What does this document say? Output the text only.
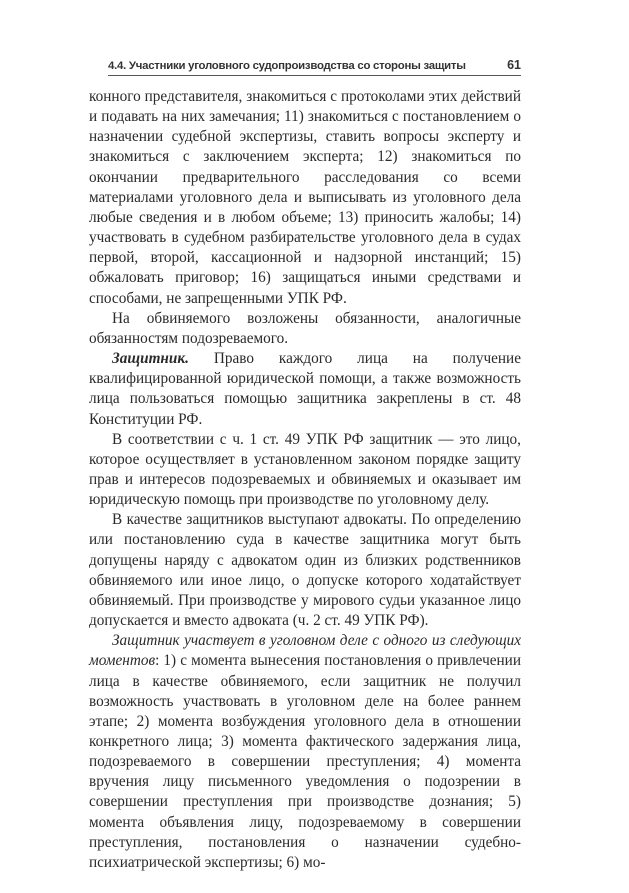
4.4. Участники уголовного судопроизводства со стороны защиты	61

конного представителя, знакомиться с протоколами этих действий и подавать на них замечания; 11) знакомиться с постановлением о назначении судебной экспертизы, ставить вопросы эксперту и знакомиться с заключением эксперта; 12) знакомиться по окончании предварительного расследования со всеми материалами уголовного дела и выписывать из уголовного дела любые сведения и в любом объеме; 13) приносить жалобы; 14) участвовать в судебном разбирательстве уголовного дела в судах первой, второй, кассационной и надзорной инстанций; 15) обжаловать приговор; 16) защищаться иными средствами и способами, не запрещенными УПК РФ.

На обвиняемого возложены обязанности, аналогичные обязанностям подозреваемого.

Защитник. Право каждого лица на получение квалифицированной юридической помощи, а также возможность лица пользоваться помощью защитника закреплены в ст. 48 Конституции РФ.

В соответствии с ч. 1 ст. 49 УПК РФ защитник — это лицо, которое осуществляет в установленном законом порядке защиту прав и интересов подозреваемых и обвиняемых и оказывает им юридическую помощь при производстве по уголовному делу.

В качестве защитников выступают адвокаты. По определению или постановлению суда в качестве защитника могут быть допущены наряду с адвокатом один из близких родственников обвиняемого или иное лицо, о допуске которого ходатайствует обвиняемый. При производстве у мирового судьи указанное лицо допускается и вместо адвоката (ч. 2 ст. 49 УПК РФ).

Защитник участвует в уголовном деле с одного из следующих моментов: 1) с момента вынесения постановления о привлечении лица в качестве обвиняемого, если защитник не получил возможность участвовать в уголовном деле на более раннем этапе; 2) момента возбуждения уголовного дела в отношении конкретного лица; 3) момента фактического задержания лица, подозреваемого в совершении преступления; 4) момента вручения лицу письменного уведомления о подозрении в совершении преступления при производстве дознания; 5) момента объявления лицу, подозреваемому в совершении преступления, постановления о назначении судебно-психиатрической экспертизы; 6) мо-
